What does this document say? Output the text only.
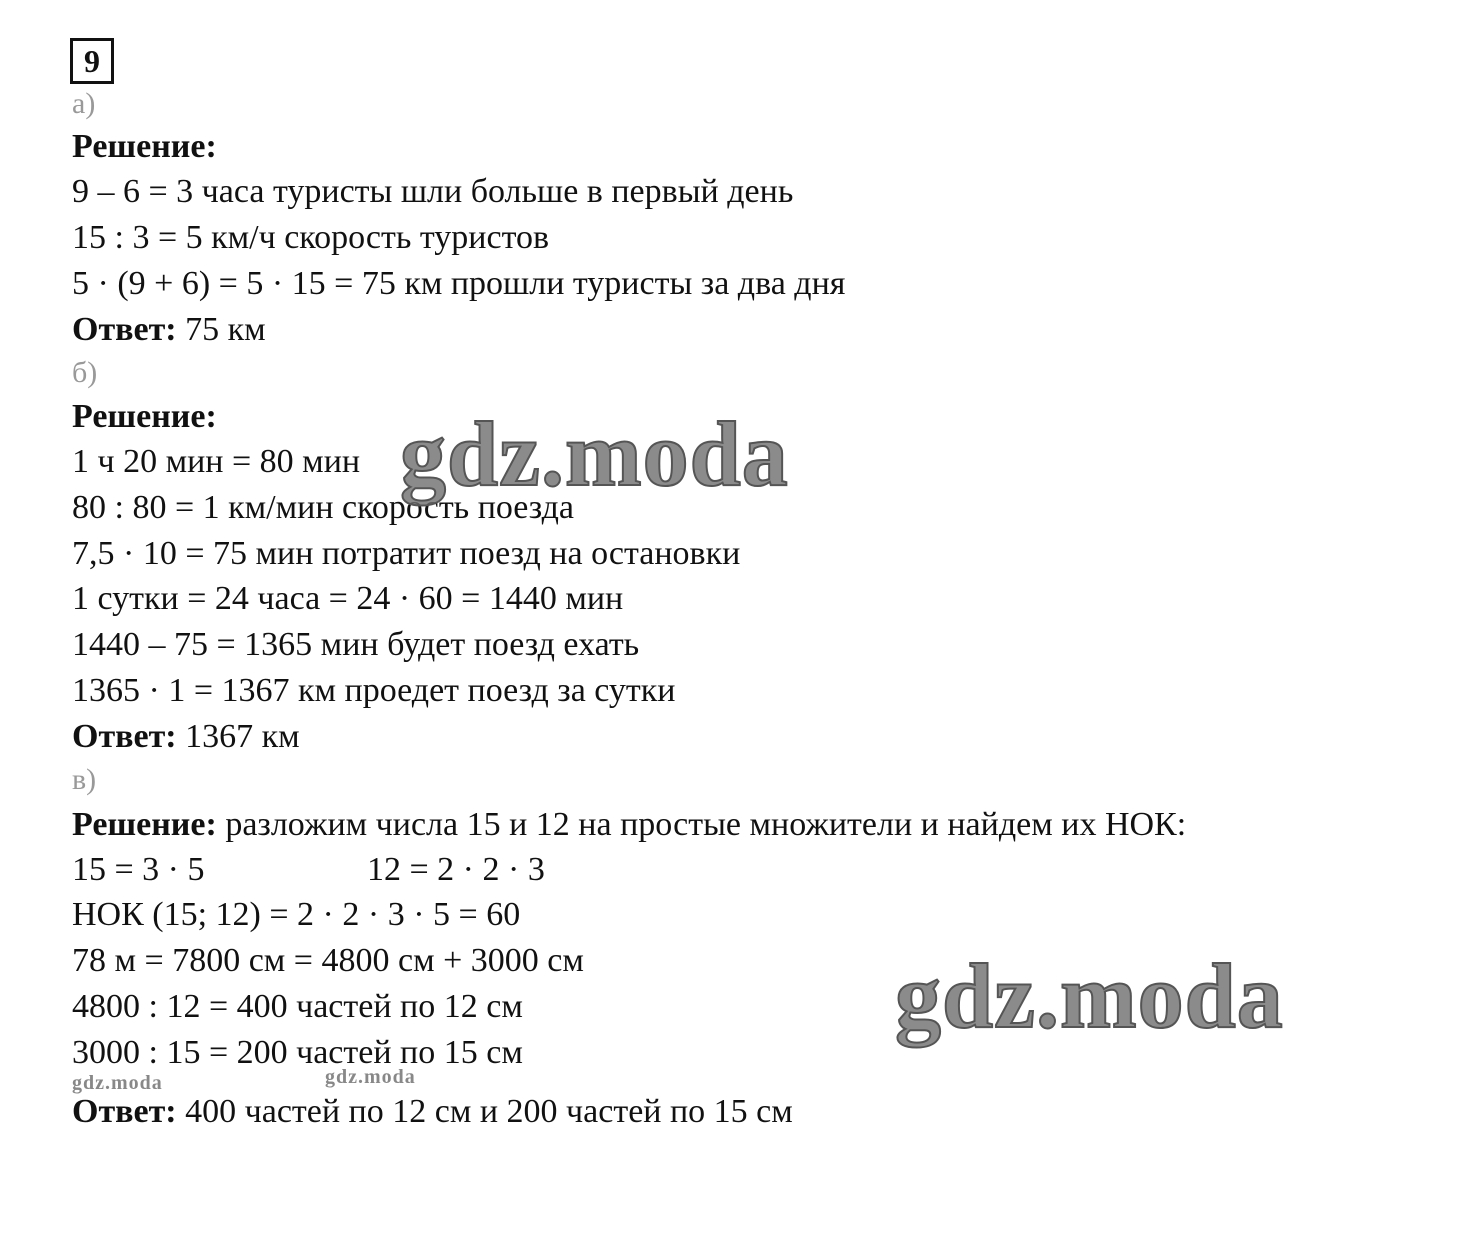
9
а)
Решение:
9 – 6 = 3 часа туристы шли больше в первый день
15 : 3 = 5 км/ч скорость туристов
5 · (9 + 6) = 5 · 15 = 75 км прошли туристы за два дня
Ответ: 75 км
б)
Решение:
1 ч 20 мин = 80 мин
80 : 80 = 1 км/мин скорость поезда
7,5 · 10 = 75 мин потратит поезд на остановки
1 сутки = 24 часа = 24 · 60 = 1440 мин
1440 – 75 = 1365 мин будет поезд ехать
1365 · 1 = 1367 км проедет поезд за сутки
Ответ: 1367 км
в)
Решение: разложим числа 15 и 12 на простые множители и найдем их НОК:
15 = 3 · 5	12 = 2 · 2 · 3
НОК (15; 12) = 2 · 2 · 3 · 5 = 60
78 м = 7800 см = 4800 см + 3000 см
4800 : 12 = 400 частей по 12 см
3000 : 15 = 200 частей по 15 см
Ответ: 400 частей по 12 см и 200 частей по 15 см
gdz.moda
gdz.moda
gdz.moda	gdz.moda
